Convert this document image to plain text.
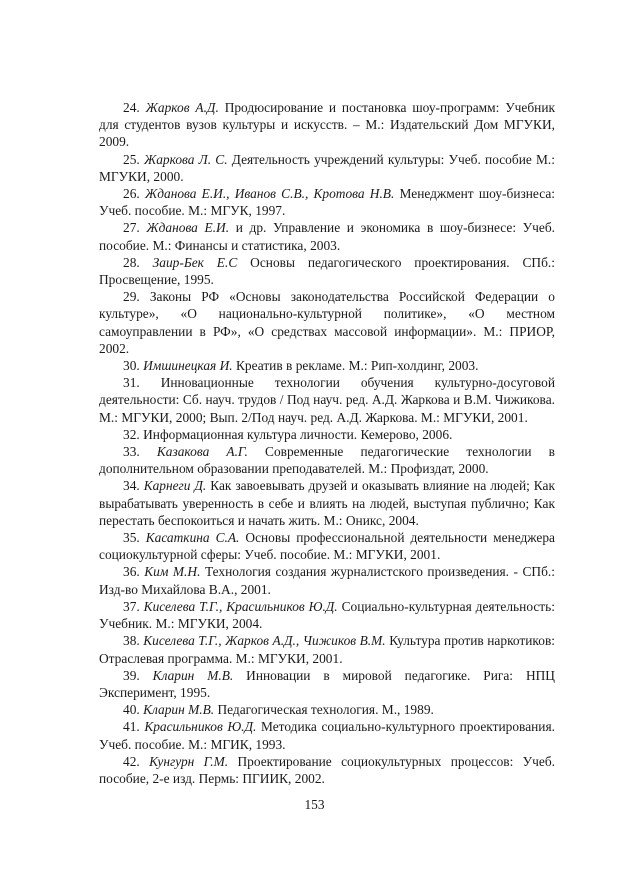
24. Жарков А.Д. Продюсирование и постановка шоу-программ: Учебник для студентов вузов культуры и искусств. – М.: Издательский Дом МГУКИ, 2009.

25. Жаркова Л. С. Деятельность учреждений культуры: Учеб. пособие М.: МГУКИ, 2000.

26. Жданова Е.И., Иванов С.В., Кротова Н.В. Менеджмент шоу-бизнеса: Учеб. пособие. М.: МГУК, 1997.

27. Жданова Е.И. и др. Управление и экономика в шоу-бизнесе: Учеб. пособие. М.: Финансы и статистика, 2003.

28. Заир-Бек Е.С Основы педагогического проектирования. СПб.: Просвещение, 1995.

29. Законы РФ «Основы законодательства Российской Федерации о культуре», «О национально-культурной политике», «О местном самоуправлении в РФ», «О средствах массовой информации». М.: ПРИОР, 2002.

30. Имшинецкая И. Креатив в рекламе. М.: Рип-холдинг, 2003.

31. Инновационные технологии обучения культурно-досуговой деятельности: Сб. науч. трудов / Под науч. ред. А.Д. Жаркова и В.М. Чижикова. М.: МГУКИ, 2000; Вып. 2/Под науч. ред. А.Д. Жаркова. М.: МГУКИ, 2001.

32. Информационная культура личности. Кемерово, 2006.

33. Казакова А.Г. Современные педагогические технологии в дополнительном образовании преподавателей. М.: Профиздат, 2000.

34. Карнеги Д. Как завоевывать друзей и оказывать влияние на людей; Как вырабатывать уверенность в себе и влиять на людей, выступая публично; Как перестать беспокоиться и начать жить. М.: Оникс, 2004.

35. Касаткина С.А. Основы профессиональной деятельности менеджера социокультурной сферы: Учеб. пособие. М.: МГУКИ, 2001.

36. Ким М.Н. Технология создания журналистского произведения. - СПб.: Изд-во Михайлова В.А., 2001.

37. Киселева Т.Г., Красильников Ю.Д. Социально-культурная деятельность: Учебник. М.: МГУКИ, 2004.

38. Киселева Т.Г., Жарков А.Д., Чижиков В.М. Культура против наркотиков: Отраслевая программа. М.: МГУКИ, 2001.

39. Кларин М.В. Инновации в мировой педагогике. Рига: НПЦ Эксперимент, 1995.

40. Кларин М.В. Педагогическая технология. М., 1989.

41. Красильников Ю.Д. Методика социально-культурного проектирования. Учеб. пособие. М.: МГИК, 1993.

42. Кунгурн Г.М. Проектирование социокультурных процессов: Учеб. пособие, 2-е изд. Пермь: ПГИИК, 2002.

153
